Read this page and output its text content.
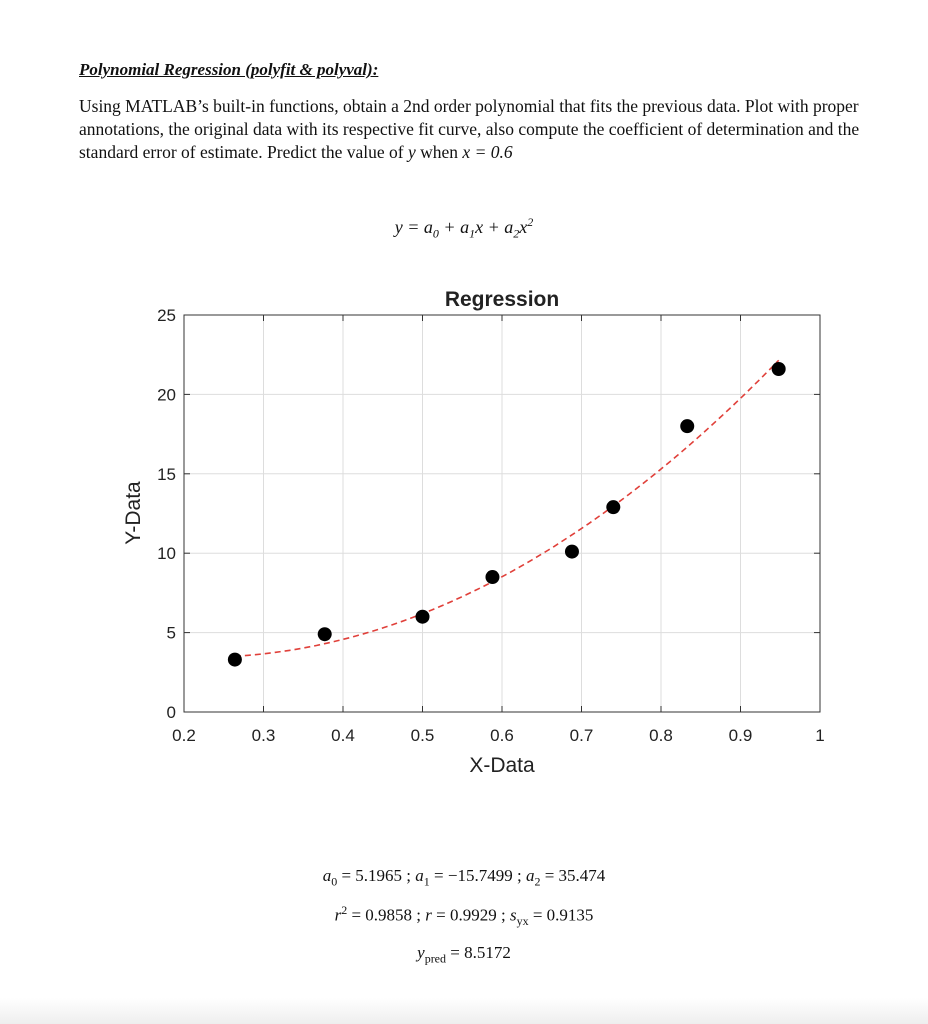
Polynomial Regression (polyfit & polyval):
Using MATLAB’s built-in functions, obtain a 2nd order polynomial that fits the previous data. Plot with proper annotations, the original data with its respective fit curve, also compute the coefficient of determination and the standard error of estimate. Predict the value of y when x = 0.6
$y = a_0 + a_1x + a_2x^2$
Regression
0.2	0.3	0.4	0.5	0.6	0.7	0.8	0.9	1
0
5
10
15
20
25
X-Data
Y-Data
$a_0 = 5.1965$ ; $a_1 = -15.7499$ ; $a_2 = 35.474$
$r^2 = 0.9858$ ; r = 0.9929 ; $s_{yx} = 0.9135$
$y_{pred} = 8.5172$
